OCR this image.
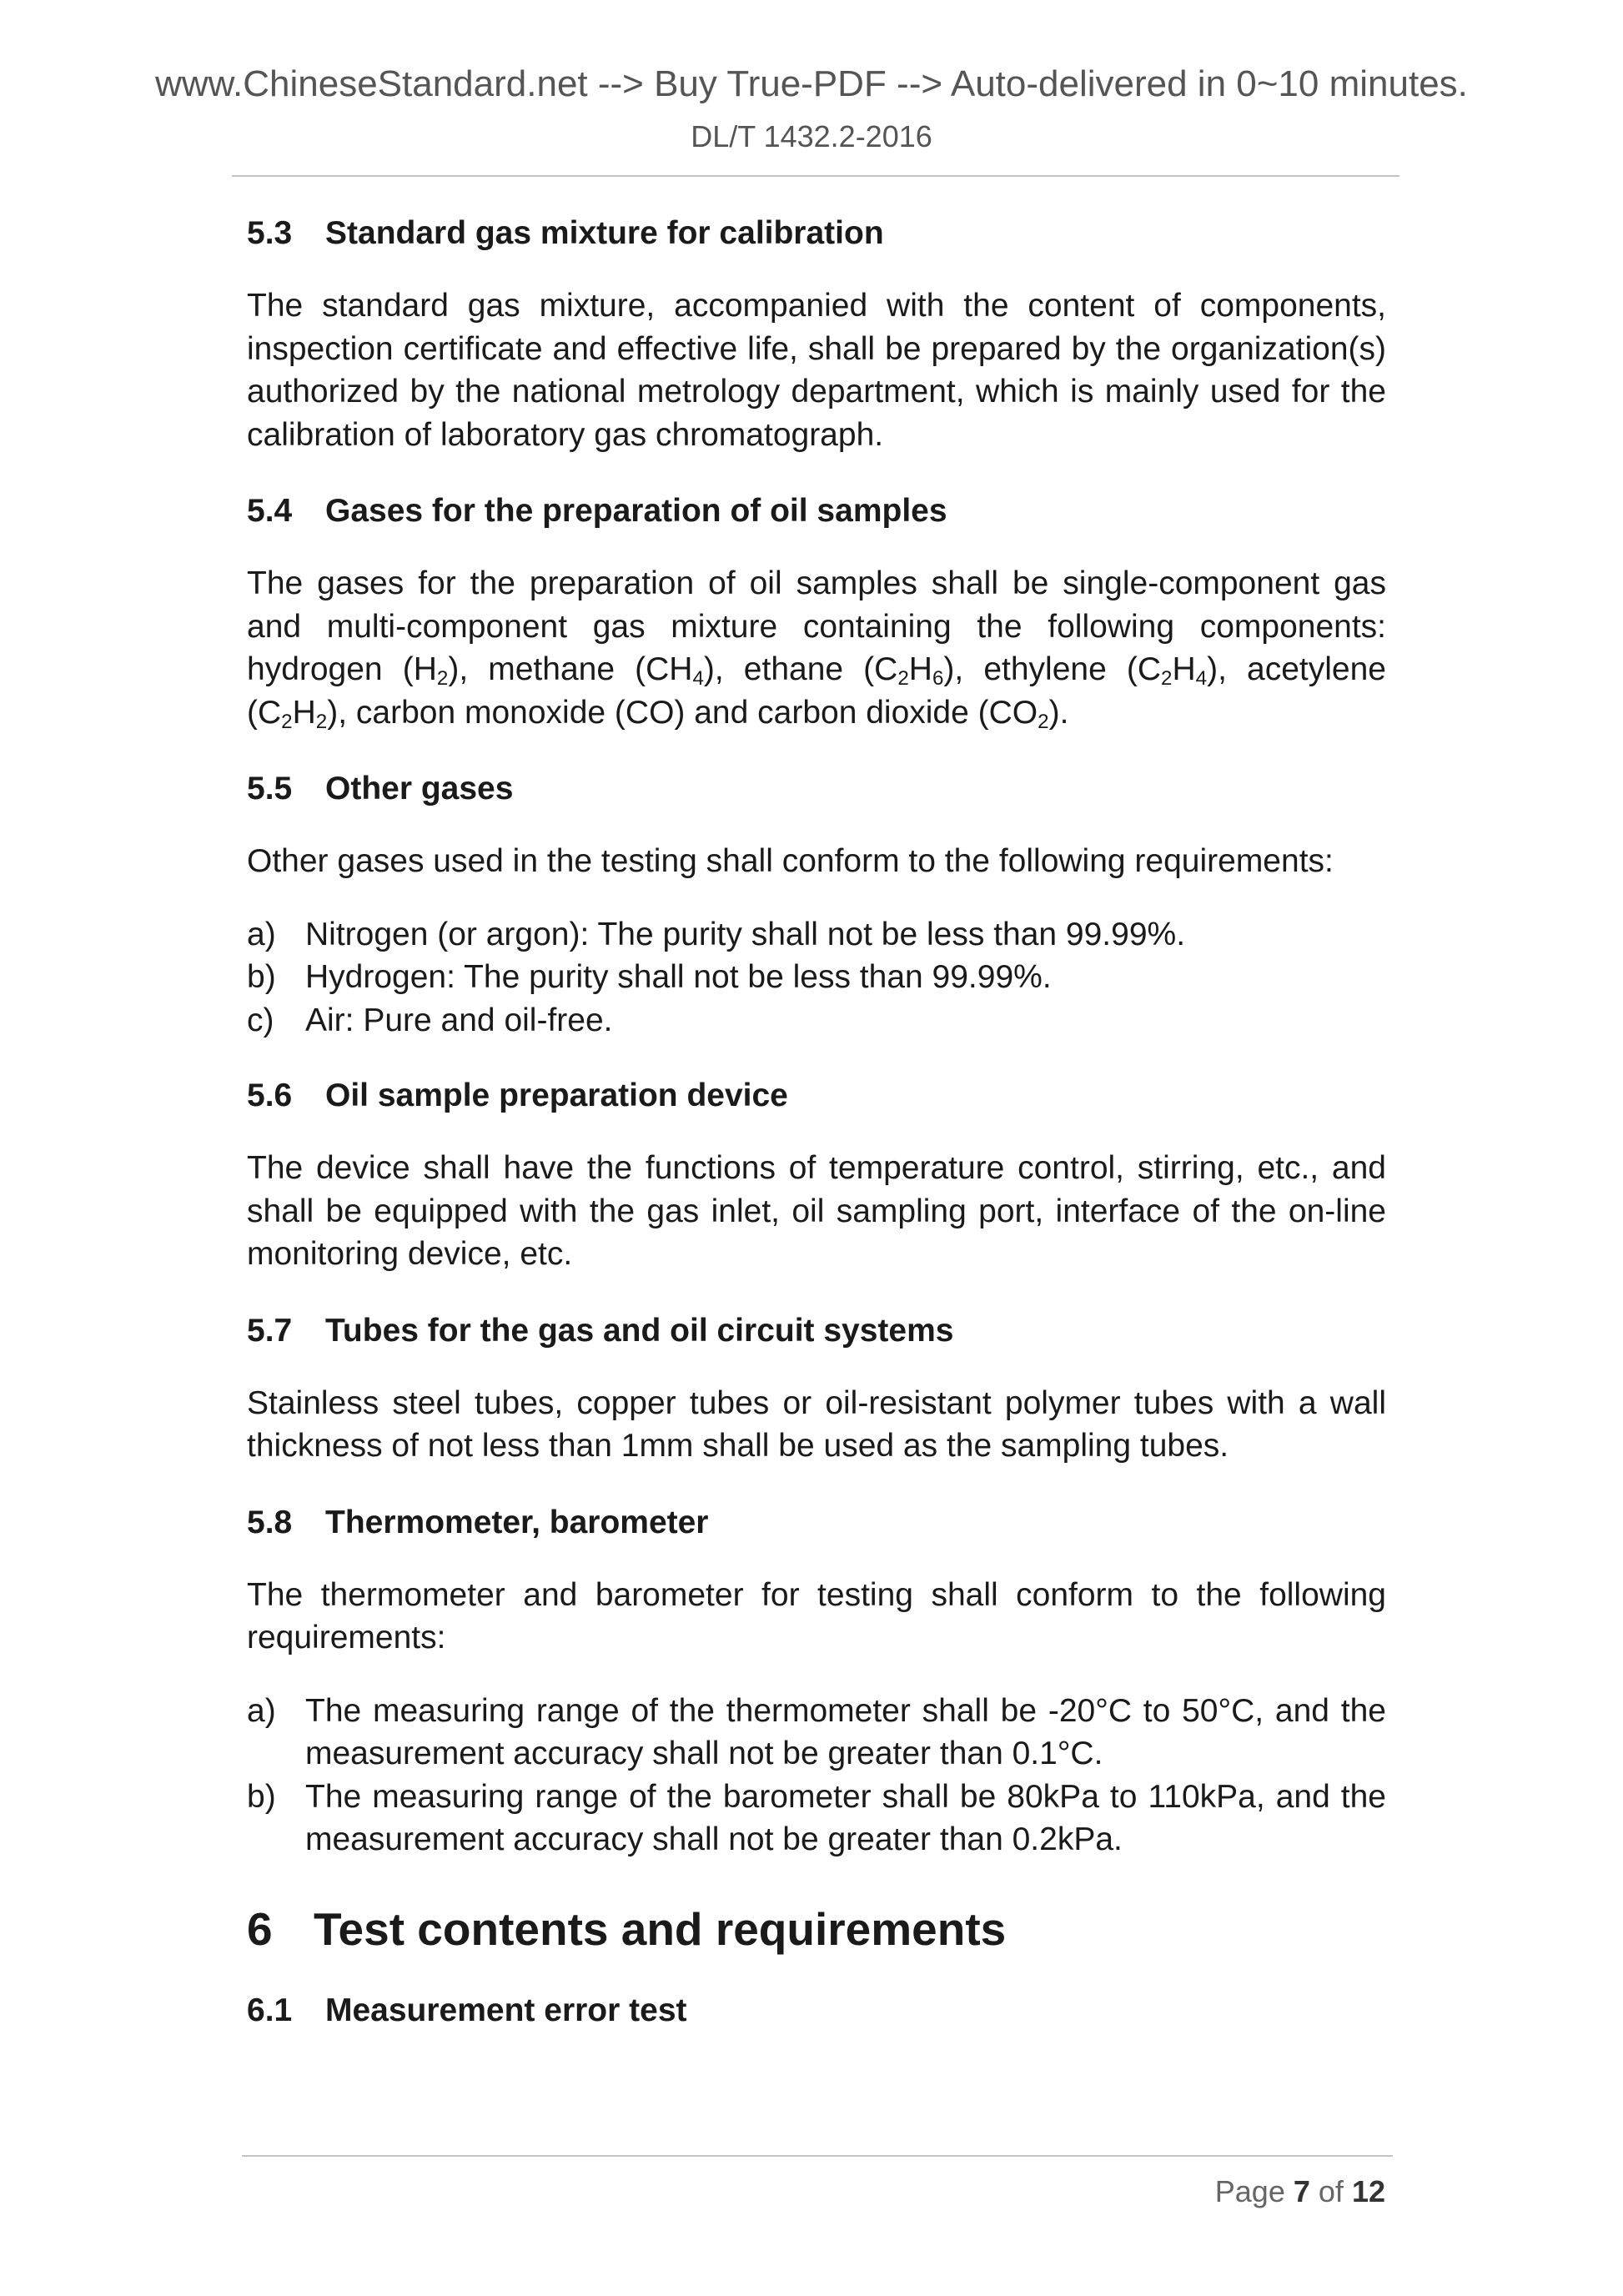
www.ChineseStandard.net --> Buy True-PDF --> Auto-delivered in 0~10 minutes.
DL/T 1432.2-2016
5.3 Standard gas mixture for calibration

The standard gas mixture, accompanied with the content of components, inspection certificate and effective life, shall be prepared by the organization(s) authorized by the national metrology department, which is mainly used for the calibration of laboratory gas chromatograph.

5.4 Gases for the preparation of oil samples

The gases for the preparation of oil samples shall be single-component gas and multi-component gas mixture containing the following components: hydrogen $(H_2)$, methane $(CH_4)$, ethane $(C_2H_6)$, ethylene $(C_2H_4)$, acetylene $(C_2H_2)$, carbon monoxide (CO) and carbon dioxide $(CO_2)$.

5.5 Other gases

Other gases used in the testing shall conform to the following requirements:

a) Nitrogen (or argon): The purity shall not be less than 99.99%.
b) Hydrogen: The purity shall not be less than 99.99%.
c) Air: Pure and oil-free.
5.6 Oil sample preparation device

The device shall have the functions of temperature control, stirring, etc., and shall be equipped with the gas inlet, oil sampling port, interface of the on-line monitoring device, etc.

5.7 Tubes for the gas and oil circuit systems

Stainless steel tubes, copper tubes or oil-resistant polymer tubes with a wall thickness of not less than 1mm shall be used as the sampling tubes.

5.8 Thermometer, barometer

The thermometer and barometer for testing shall conform to the following requirements:

a) The measuring range of the thermometer shall be -20°C to 50°C, and the measurement accuracy shall not be greater than 0.1°C.
b) The measuring range of the barometer shall be 80kPa to 110kPa, and the measurement accuracy shall not be greater than 0.2kPa.
6 Test contents and requirements
6.1 Measurement error test
Page 7 of 12
